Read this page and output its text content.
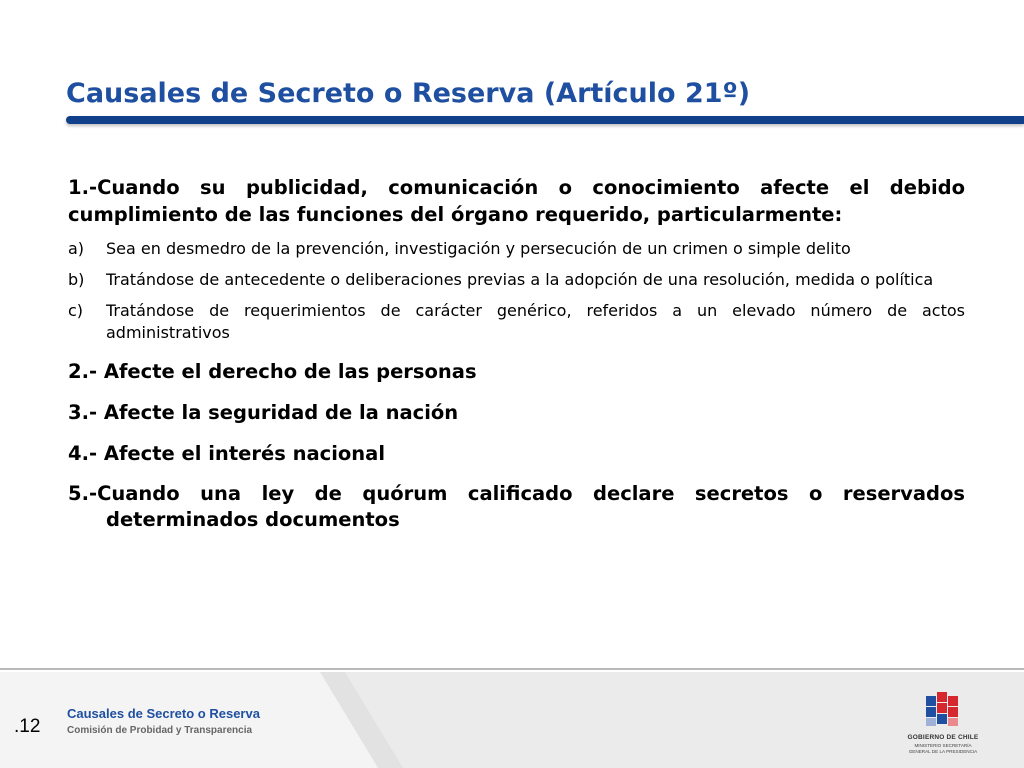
Causales de Secreto o Reserva (Artículo 21º)

1.-Cuando su publicidad, comunicación o conocimiento afecte el debido cumplimiento de las funciones del órgano requerido, particularmente:

a) Sea en desmedro de la prevención, investigación y persecución de un crimen o simple delito
b) Tratándose de antecedente o deliberaciones previas a la adopción de una resolución, medida o política
c) Tratándose de requerimientos de carácter genérico, referidos a un elevado número de actos administrativos

2.- Afecte el derecho de las personas

3.- Afecte la seguridad de la nación

4.- Afecte el interés nacional

5.-Cuando una ley de quórum calificado declare secretos o reservados determinados documentos

.12
Causales de Secreto o Reserva
Comisión de Probidad y Transparencia
GOBIERNO DE CHILE
MINISTERIO SECRETARÍA
GENERAL DE LA PRESIDENCIA
